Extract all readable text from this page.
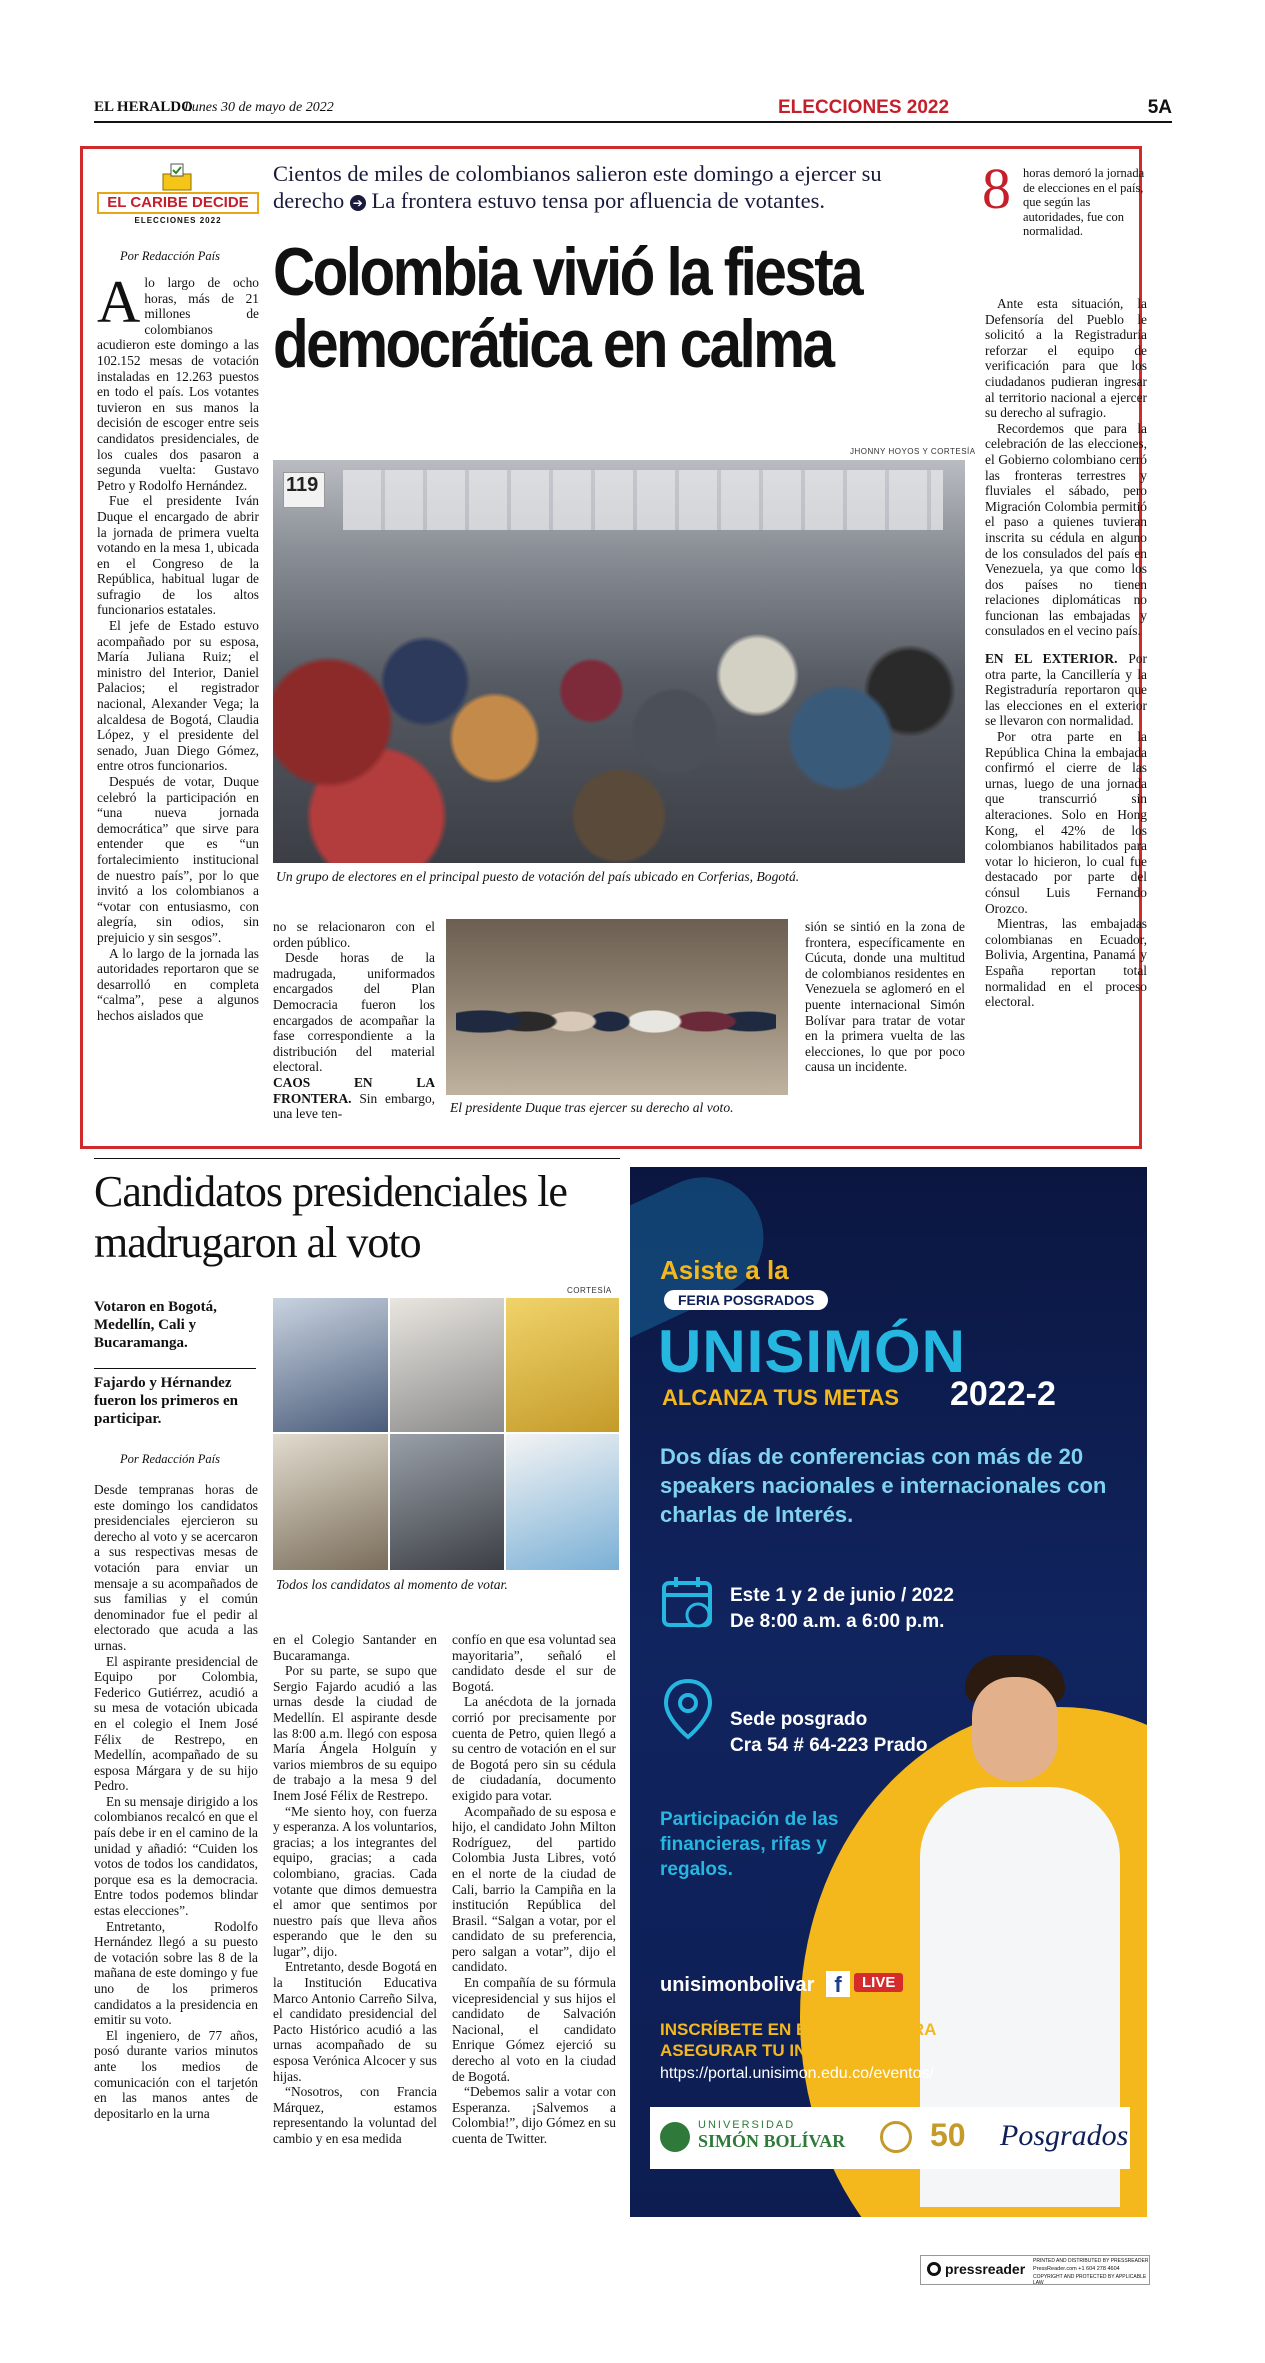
EL HERALDO
Lunes 30 de mayo de 2022	ELECCIONES 2022	5A
EL CARIBE DECIDE
ELECCIONES 2022
Cientos de miles de colombianos salieron este domingo a ejercer su derecho ➔ La frontera estuvo tensa por afluencia de votantes.
Colombia vivió la fiesta democrática en calma
Por Redacción País
A lo largo de ocho horas, más de 21 millones de colombianos acudieron este domingo a las 102.152 mesas de votación instaladas en 12.263 puestos en todo el país. Los votantes tuvieron en sus manos la decisión de escoger entre seis candidatos presidenciales, de los cuales dos pasaron a segunda vuelta: Gustavo Petro y Rodolfo Hernández.

Fue el presidente Iván Duque el encargado de abrir la jornada de primera vuelta votando en la mesa 1, ubicada en el Congreso de la República, habitual lugar de sufragio de los altos funcionarios estatales.

El jefe de Estado estuvo acompañado por su esposa, María Juliana Ruiz; el ministro del Interior, Daniel Palacios; el registrador nacional, Alexander Vega; la alcaldesa de Bogotá, Claudia López, y el presidente del senado, Juan Diego Gómez, entre otros funcionarios.

Después de votar, Duque celebró la participación en “una nueva jornada democrática” que sirve para entender que es “un fortalecimiento institucional de nuestro país”, por lo que invitó a los colombianos a “votar con entusiasmo, con alegría, sin odios, sin prejuicio y sin sesgos”.

A lo largo de la jornada las autoridades reportaron que se desarrolló en completa “calma”, pese a algunos hechos aislados que

JHONNY HOYOS Y CORTESÍA
119
Un grupo de electores en el principal puesto de votación del país ubicado en Corferias, Bogotá.

no se relacionaron con el orden público.

Desde horas de la madrugada, uniformados encargados del Plan Democracia fueron los encargados de acompañar la fase correspondiente a la distribución del material electoral.

CAOS EN LA FRONTERA. Sin embargo, una leve ten-	El presidente Duque tras ejercer su derecho al voto.

sión se sintió en la zona de frontera, específicamente en Cúcuta, donde una multitud de colombianos residentes en Venezuela se aglomeró en el puente internacional Simón Bolívar para tratar de votar en la primera vuelta de las elecciones, lo que por poco causa un incidente.

8 horas demoró la jornada de elecciones en el país, que según las autoridades, fue con normalidad.

Ante esta situación, la Defensoría del Pueblo le solicitó a la Registraduría reforzar el equipo de verificación para que los ciudadanos pudieran ingresar al territorio nacional a ejercer su derecho al sufragio.

Recordemos que para la celebración de las elecciones, el Gobierno colombiano cerró las fronteras terrestres y fluviales el sábado, pero Migración Colombia permitió el paso a quienes tuvieran inscrita su cédula en alguno de los consulados del país en Venezuela, ya que como los dos países no tienen relaciones diplomáticas no funcionan las embajadas y consulados en el vecino país.

EN EL EXTERIOR. Por otra parte, la Cancillería y la Registraduría reportaron que las elecciones en el exterior se llevaron con normalidad.

Por otra parte en la República China la embajada confirmó el cierre de las urnas, luego de una jornada que transcurrió sin alteraciones. Solo en Hong Kong, el 42% de los colombianos habilitados para votar lo hicieron, lo cual fue destacado por parte del cónsul Luis Fernando Orozco.

Mientras, las embajadas colombianas en Ecuador, Bolivia, Argentina, Panamá y España reportan total normalidad en el proceso electoral.

Candidatos presidenciales le madrugaron al voto
Votaron en Bogotá, Medellín, Cali y Bucaramanga.
Fajardo y Hérnandez fueron los primeros en participar.
Por Redacción País
CORTESÍA
Todos los candidatos al momento de votar.

Desde tempranas horas de este domingo los candidatos presidenciales ejercieron su derecho al voto y se acercaron a sus respectivas mesas de votación para enviar un mensaje a su acompañados de sus familias y el común denominador fue el pedir al electorado que acuda a las urnas.

El aspirante presidencial de Equipo por Colombia, Federico Gutiérrez, acudió a su mesa de votación ubicada en el colegio el Inem José Félix de Restrepo, en Medellín, acompañado de su esposa Márgara y de su hijo Pedro.

En su mensaje dirigido a los colombianos recalcó en que el país debe ir en el camino de la unidad y añadió: “Cuiden los votos de todos los candidatos, porque esa es la democracia. Entre todos podemos blindar estas elecciones”.

Entretanto, Rodolfo Hernández llegó a su puesto de votación sobre las 8 de la mañana de este domingo y fue uno de los primeros candidatos a la presidencia en emitir su voto.

El ingeniero, de 77 años, posó durante varios minutos ante los medios de comunicación con el tarjetón en las manos antes de depositarlo en la urna

en el Colegio Santander en Bucaramanga.

Por su parte, se supo que Sergio Fajardo acudió a las urnas desde la ciudad de Medellín. El aspirante desde las 8:00 a.m. llegó con esposa María Ángela Holguín y varios miembros de su equipo de trabajo a la mesa 9 del Inem José Félix de Restrepo.

“Me siento hoy, con fuerza y esperanza. A los voluntarios, gracias; a los integrantes del equipo, gracias; a cada colombiano, gracias. Cada votante que dimos demuestra el amor que sentimos por nuestro país que lleva años esperando que le den su lugar”, dijo.

Entretanto, desde Bogotá en la Institución Educativa Marco Antonio Carreño Silva, el candidato presidencial del Pacto Histórico acudió a las urnas acompañado de su esposa Verónica Alcocer y sus hijas.

“Nosotros, con Francia Márquez, estamos representando la voluntad del cambio y en esa medida

confío en que esa voluntad sea mayoritaria”, señaló el candidato desde el sur de Bogotá.

La anécdota de la jornada corrió por precisamente por cuenta de Petro, quien llegó a su centro de votación en el sur de Bogotá pero sin su cédula de ciudadanía, documento exigido para votar.

Acompañado de su esposa e hijo, el candidato John Milton Rodríguez, del partido Colombia Justa Libres, votó en el norte de la ciudad de Cali, barrio la Campiña en la institución República del Brasil. “Salgan a votar, por el candidato de su preferencia, pero salgan a votar”, dijo el candidato.

En compañía de su fórmula vicepresidencial y sus hijos el candidato de Salvación Nacional, el candidato Enrique Gómez ejerció su derecho al voto en la ciudad de Bogotá.

“Debemos salir a votar con Esperanza. ¡Salvemos a Colombia!”, dijo Gómez en su cuenta de Twitter.

Asiste a la
FERIA POSGRADOS
UNISIMÓN
ALCANZA TUS METAS 2022-2
Dos días de conferencias con más de 20 speakers nacionales e internacionales con charlas de Interés.
Este 1 y 2 de junio / 2022
De 8:00 a.m. a 6:00 p.m.
Sede posgrado
Cra 54 # 64-223 Prado
Participación de las financieras, rifas y regalos.
unisimonbolivar f	LIVE
INSCRÍBETE EN ESTE LINK PARA
ASEGURAR TU INGRESO!!
https://portal.unisimon.edu.co/eventos/
UNIVERSIDAD
SIMÓN BOLÍVAR	50 Posgrados
pressreader PRINTED AND DISTRIBUTED BY PRESSREADER
PressReader.com +1 604 278 4604
COPYRIGHT AND PROTECTED BY APPLICABLE LAW
